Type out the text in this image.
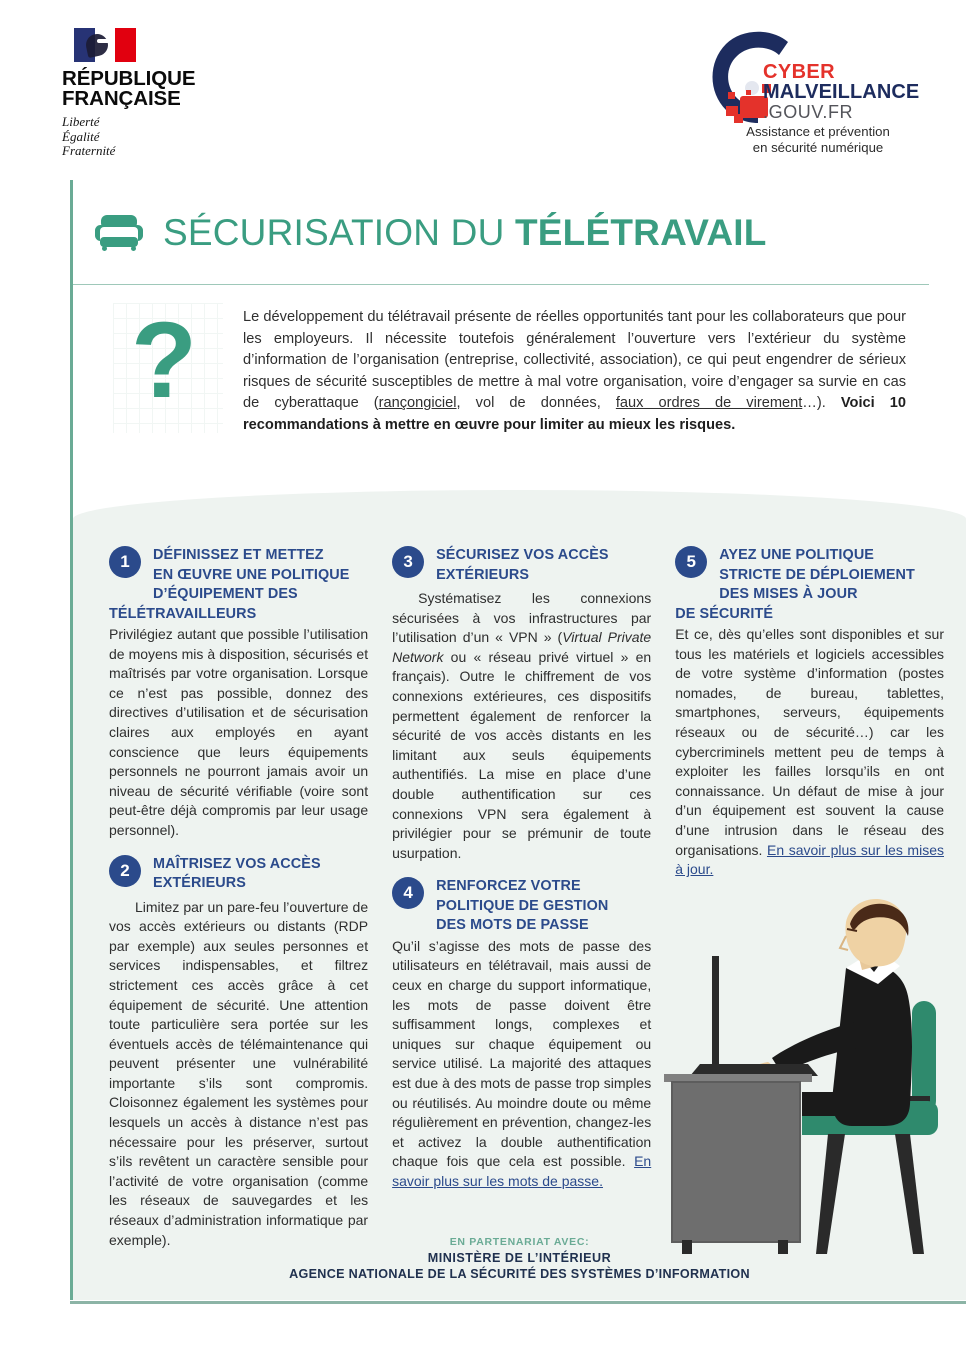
RÉPUBLIQUE
FRANÇAISE
Liberté
Égalité
Fraternité
CYBER
MALVEILLANCE
.GOUV.FR
Assistance et prévention
en sécurité numérique
SÉCURISATION DU TÉLÉTRAVAIL
?	Le développement du télétravail présente de réelles opportunités tant pour les collaborateurs que pour les employeurs. Il nécessite toutefois généralement l’ouverture vers l’extérieur du système d’information de l’organisation (entreprise, collectivité, association), ce qui peut engendrer de sérieux risques de sécurité susceptibles de mettre à mal votre organisation, voire d’engager sa survie en cas de cyberattaque (rançongiciel, vol de données, faux ordres de virement…). Voici 10 recommandations à mettre en œuvre pour limiter au mieux les risques.
1	DÉFINISSEZ ET METTEZ
EN ŒUVRE UNE POLITIQUE
D’ÉQUIPEMENT DES
TÉLÉTRAVAILLEURS
Privilégiez autant que possible l’utilisation de moyens mis à disposition, sécurisés et maîtrisés par votre organisation. Lorsque ce n’est pas possible, donnez des directives d’utilisation et de sécurisation claires aux employés en ayant conscience que leurs équipements personnels ne pourront jamais avoir un niveau de sécurité vérifiable (voire sont peut-être déjà compromis par leur usage personnel).
2	MAÎTRISEZ VOS ACCÈS
EXTÉRIEURS
Limitez par un pare-feu l’ouverture de vos accès extérieurs ou distants (RDP par exemple) aux seules personnes et services indispensables, et filtrez strictement ces accès grâce à cet équipement de sécurité. Une attention toute particulière sera portée sur les éventuels accès de télémaintenance qui peuvent présenter une vulnérabilité importante s’ils sont compromis. Cloisonnez également les systèmes pour lesquels un accès à distance n’est pas nécessaire pour les préserver, surtout s’ils revêtent un caractère sensible pour l’activité de votre organisation (comme les réseaux de sauvegardes et les réseaux d’administration informatique par exemple).
3	SÉCURISEZ VOS ACCÈS
EXTÉRIEURS
Systématisez les connexions sécurisées à vos infrastructures par l’utilisation d’un « VPN » (Virtual Private Network ou « réseau privé virtuel » en français). Outre le chiffrement de vos connexions extérieures, ces dispositifs permettent également de renforcer la sécurité de vos accès distants en les limitant aux seuls équipements authentifiés. La mise en place d’une double authentification sur ces connexions VPN sera également à privilégier pour se prémunir de toute usurpation.
4	RENFORCEZ VOTRE
POLITIQUE DE GESTION
DES MOTS DE PASSE
Qu’il s’agisse des mots de passe des utilisateurs en télétravail, mais aussi de ceux en charge du support informatique, les mots de passe doivent être suffisamment longs, complexes et uniques sur chaque équipement ou service utilisé. La majorité des attaques est due à des mots de passe trop simples ou réutilisés. Au moindre doute ou même régulièrement en prévention, changez-les et activez la double authentification chaque fois que cela est possible. En savoir plus sur les mots de passe.
5	AYEZ UNE POLITIQUE
STRICTE DE DÉPLOIEMENT
DES MISES À JOUR
DE SÉCURITÉ
Et ce, dès qu’elles sont disponibles et sur tous les matériels et logiciels accessibles de votre système d’information (postes nomades, de bureau, tablettes, smartphones, serveurs, équipements réseaux ou de sécurité…) car les cybercriminels mettent peu de temps à exploiter les failles lorsqu’ils en ont connaissance. Un défaut de mise à jour d’un équipement est souvent la cause d’une intrusion dans le réseau des organisations. En savoir plus sur les mises à jour.
EN PARTENARIAT AVEC:
MINISTÈRE DE L’INTÉRIEUR
AGENCE NATIONALE DE LA SÉCURITÉ DES SYSTÈMES D’INFORMATION
